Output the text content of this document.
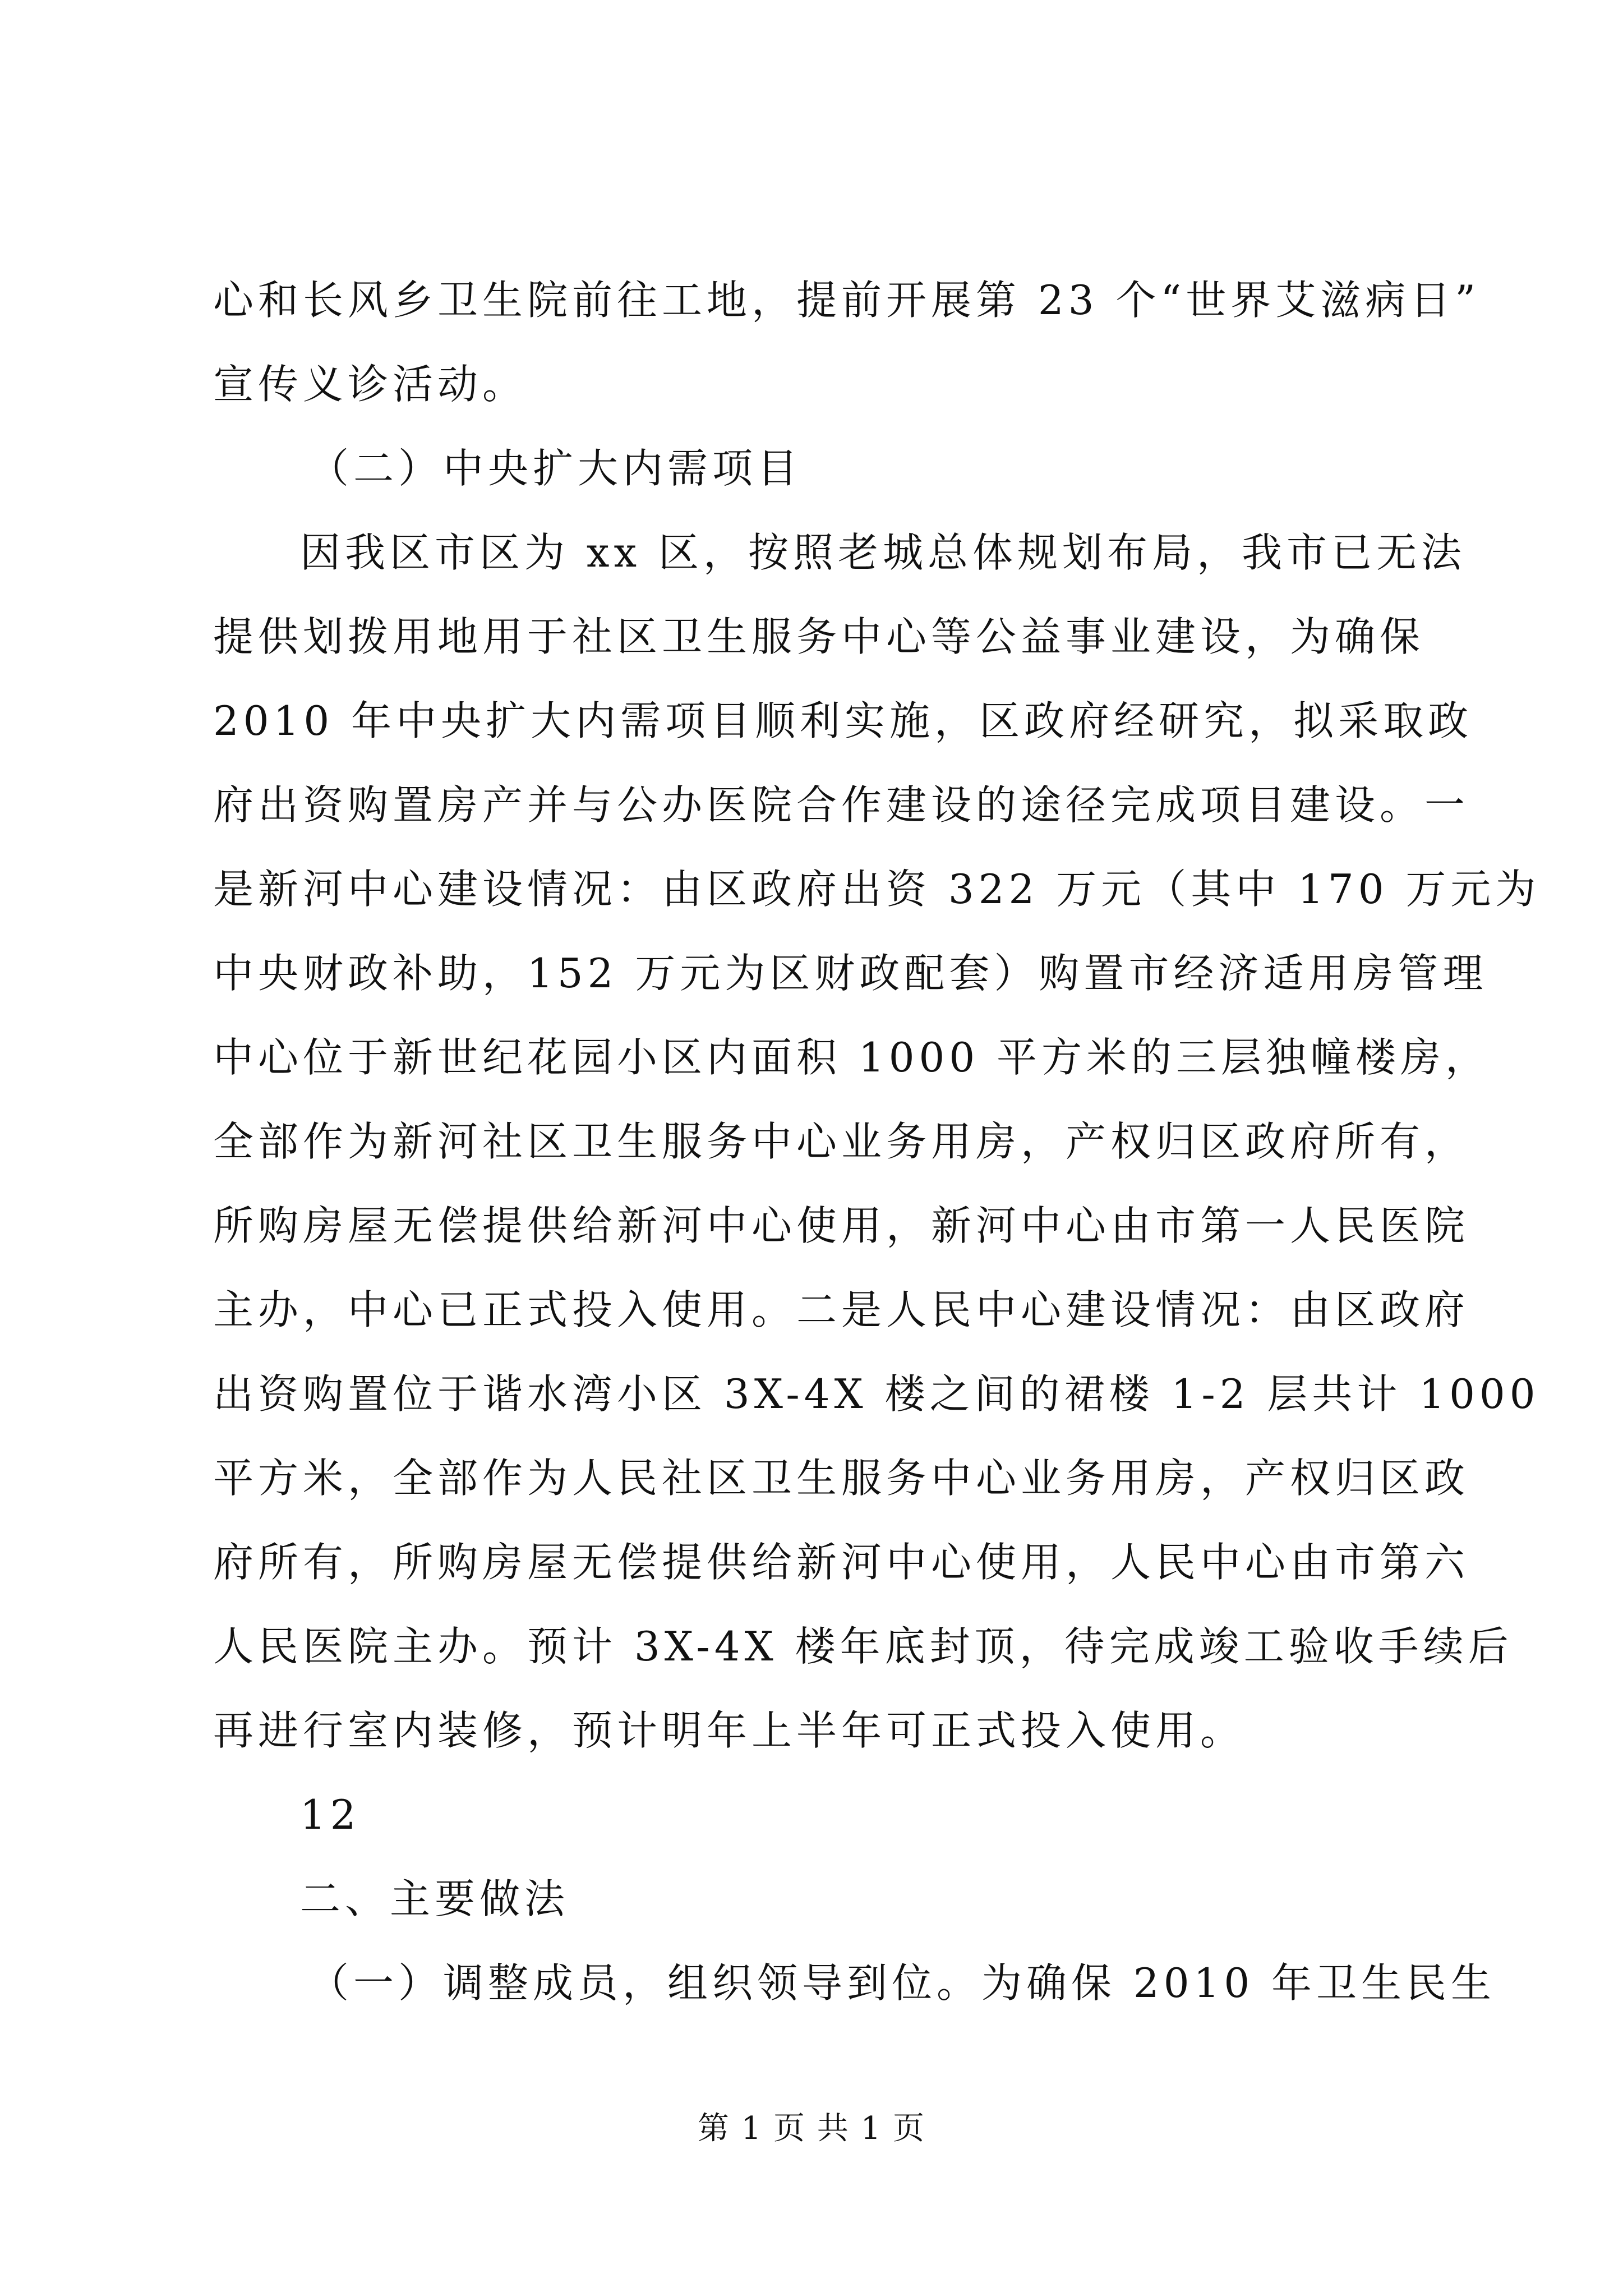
心和长风乡卫生院前往工地，提前开展第 23 个“世界艾滋病日”
宣传义诊活动。
（二）中央扩大内需项目
因我区市区为 xx 区，按照老城总体规划布局，我市已无法
提供划拨用地用于社区卫生服务中心等公益事业建设，为确保
2010 年中央扩大内需项目顺利实施，区政府经研究，拟采取政
府出资购置房产并与公办医院合作建设的途径完成项目建设。一
是新河中心建设情况：由区政府出资 322 万元（其中 170 万元为
中央财政补助，152 万元为区财政配套）购置市经济适用房管理
中心位于新世纪花园小区内面积 1000 平方米的三层独幢楼房，
全部作为新河社区卫生服务中心业务用房，产权归区政府所有，
所购房屋无偿提供给新河中心使用，新河中心由市第一人民医院
主办，中心已正式投入使用。二是人民中心建设情况：由区政府
出资购置位于谐水湾小区 3X-4X 楼之间的裙楼 1-2 层共计 1000
平方米，全部作为人民社区卫生服务中心业务用房，产权归区政
府所有，所购房屋无偿提供给新河中心使用，人民中心由市第六
人民医院主办。预计 3X-4X 楼年底封顶，待完成竣工验收手续后
再进行室内装修，预计明年上半年可正式投入使用。
12
二、主要做法
（一）调整成员，组织领导到位。为确保 2010 年卫生民生
第 1 页 共 1 页
